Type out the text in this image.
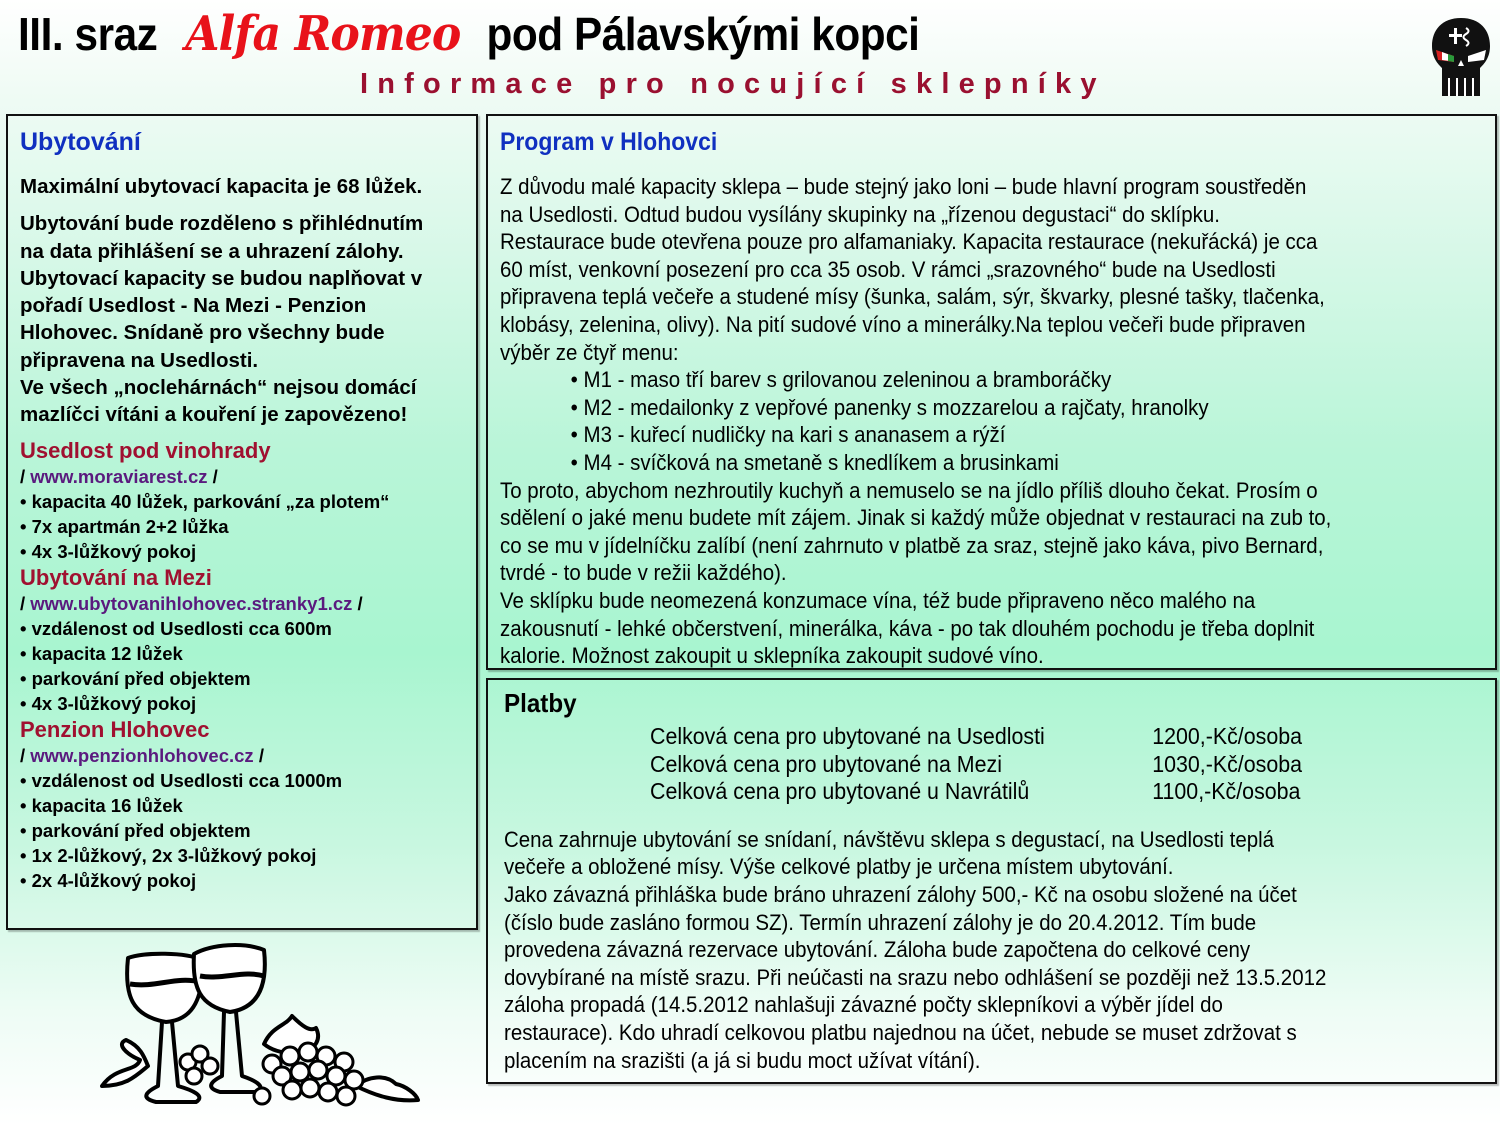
III. sraz Alfa Romeo pod Pálavskými kopci
Informace pro nocující sklepníky
Ubytování

Maximální ubytovací kapacita je 68 lůžek.

Ubytování bude rozděleno s přihlédnutím
na data přihlášení se a uhrazení zálohy.
Ubytovací kapacity se budou naplňovat v
pořadí Usedlost - Na Mezi - Penzion
Hlohovec. Snídaně pro všechny bude
připravena na Usedlosti.
Ve všech „noclehárnách“ nejsou domácí
mazlíčci vítáni a kouření je zapovězeno!
Usedlost pod vinohrady
/ www.moraviarest.cz /
• kapacita 40 lůžek, parkování „za plotem“
• 7x apartmán 2+2 lůžka
• 4x 3-lůžkový pokoj
Ubytování na Mezi
/ www.ubytovanihlohovec.stranky1.cz /
• vzdálenost od Usedlosti cca 600m
• kapacita 12 lůžek
• parkování před objektem
• 4x 3-lůžkový pokoj
Penzion Hlohovec
/ www.penzionhlohovec.cz /
• vzdálenost od Usedlosti cca 1000m
• kapacita 16 lůžek
• parkování před objektem
• 1x 2-lůžkový, 2x 3-lůžkový pokoj
• 2x 4-lůžkový pokoj
Program v Hlohovci
Z důvodu malé kapacity sklepa – bude stejný jako loni – bude hlavní program soustředěn
na Usedlosti. Odtud budou vysílány skupinky na „řízenou degustaci“ do sklípku.
Restaurace bude otevřena pouze pro alfamaniaky. Kapacita restaurace (nekuřácká) je cca
60 míst, venkovní posezení pro cca 35 osob. V rámci „srazovného“ bude na Usedlosti
připravena teplá večeře a studené mísy (šunka, salám, sýr, škvarky, plesné tašky, tlačenka,
klobásy, zelenina, olivy). Na pití sudové víno a minerálky.Na teplou večeři bude připraven
výběr ze čtyř menu:
• M1 - maso tří barev s grilovanou zeleninou a bramboráčky
• M2 - medailonky z vepřové panenky s mozzarelou a rajčaty, hranolky
• M3 - kuřecí nudličky na kari s ananasem a rýží
• M4 - svíčková na smetaně s knedlíkem a brusinkami
To proto, abychom nezhroutily kuchyň a nemuselo se na jídlo příliš dlouho čekat. Prosím o
sdělení o jaké menu budete mít zájem. Jinak si každý může objednat v restauraci na zub to,
co se mu v jídelníčku zalíbí (není zahrnuto v platbě za sraz, stejně jako káva, pivo Bernard,
tvrdé - to bude v režii každého).
Ve sklípku bude neomezená konzumace vína, též bude připraveno něco malého na
zakousnutí - lehké občerstvení, minerálka, káva - po tak dlouhém pochodu je třeba doplnit
kalorie. Možnost zakoupit u sklepníka zakoupit sudové víno.
Platby
Celková cena pro ubytované na Usedlosti	1200,-Kč/osoba
Celková cena pro ubytované na Mezi	1030,-Kč/osoba
Celková cena pro ubytované u Navrátilů	1100,-Kč/osoba
Cena zahrnuje ubytování se snídaní, návštěvu sklepa s degustací, na Usedlosti teplá
večeře a obložené mísy. Výše celkové platby je určena místem ubytování.
Jako závazná přihláška bude bráno uhrazení zálohy 500,- Kč na osobu složené na účet
(číslo bude zasláno formou SZ). Termín uhrazení zálohy je do 20.4.2012. Tím bude
provedena závazná rezervace ubytování. Záloha bude započtena do celkové ceny
dovybírané na místě srazu. Při neúčasti na srazu nebo odhlášení se později než 13.5.2012
záloha propadá (14.5.2012 nahlašuji závazné počty sklepníkovi a výběr jídel do
restaurace). Kdo uhradí celkovou platbu najednou na účet, nebude se muset zdržovat s
placením na srazišti (a já si budu moct užívat vítání).
